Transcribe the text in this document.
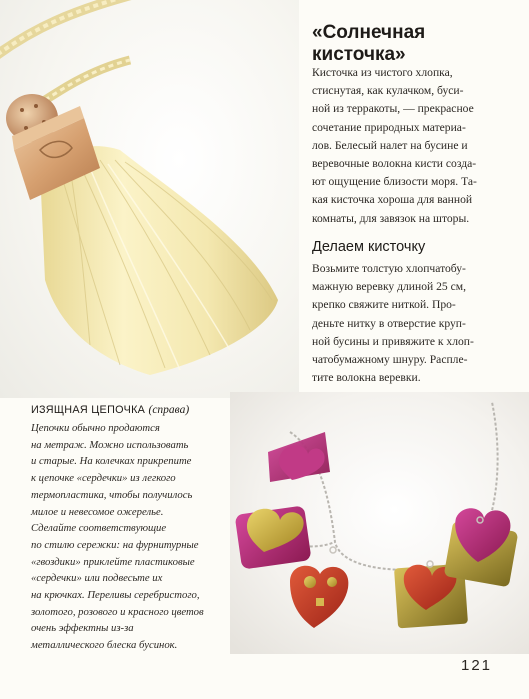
«Солнечная
кисточка»
Кисточка из чистого хлопка,
стиснутая, как кулачком, буси-
ной из терракоты, — прекрасное
сочетание природных материа-
лов. Белесый налет на бусине и
веревочные волокна кисти созда-
ют ощущение близости моря. Та-
кая кисточка хороша для ванной
комнаты, для завязок на шторы.
Делаем кисточку
Возьмите толстую хлопчатобу-
мажную веревку длиной 25 см,
крепко свяжите ниткой. Про-
деньте нитку в отверстие круп-
ной бусины и привяжите к хлоп-
чатобумажному шнуру. Распле-
тите волокна веревки.
ИЗЯЩНАЯ ЦЕПОЧКА (справа)
Цепочки обычно продаются
на метраж. Можно использовать
и старые. На колечках прикрепите
к цепочке «сердечки» из легкого
термопластика, чтобы получилось
милое и невесомое ожерелье.
Сделайте соответствующие
по стилю сережки: на фурнитурные
«гвоздики» приклейте пластиковые
«сердечки» или подвесьте их
на крючках. Переливы серебристого,
золотого, розового и красного цветов
очень эффектны из-за
металлического блеска бусинок.
121
